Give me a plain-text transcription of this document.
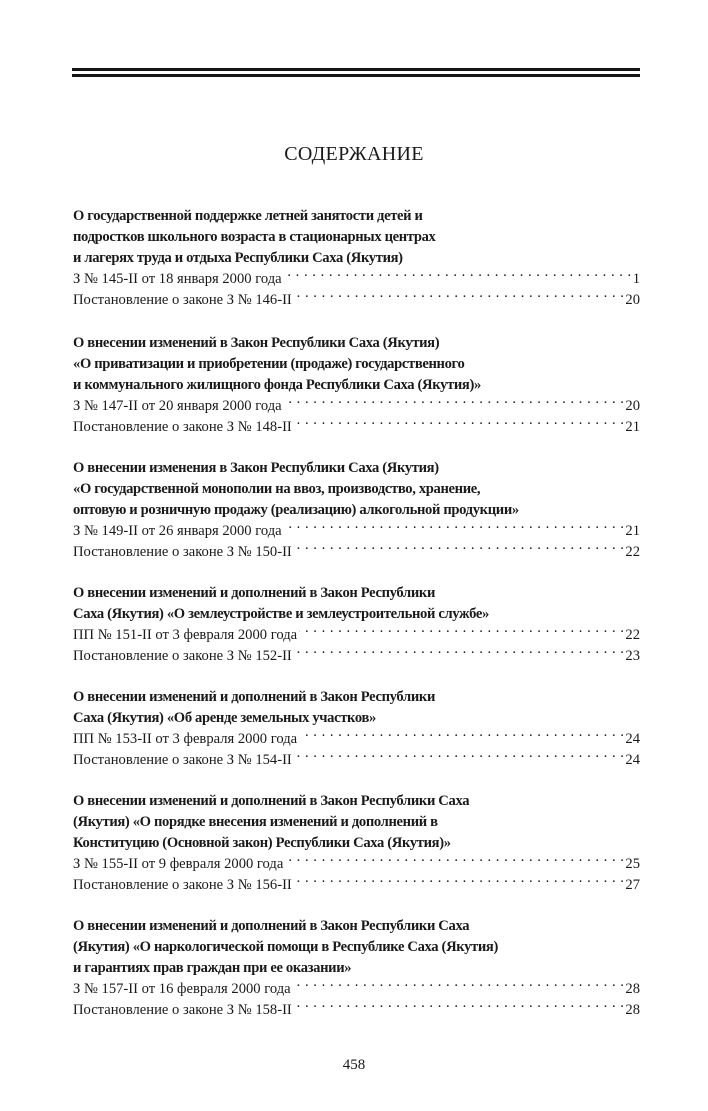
СОДЕРЖАНИЕ
О государственной поддержке летней занятости детей и
подростков школьного возраста в стационарных центрах
и лагерях труда и отдыха Республики Саха (Якутия)
З № 145-II от 18 января 2000 года . . .	1
Постановление о законе З № 146-II . . .	20
О внесении изменений в Закон Республики Саха (Якутия)
«О приватизации и приобретении (продаже) государственного
и коммунального жилищного фонда Республики Саха (Якутия)»
З № 147-II от 20 января 2000 года . . .	20
Постановление о законе З № 148-II . . .	21
О внесении изменения в Закон Республики Саха (Якутия)
«О государственной монополии на ввоз, производство, хранение,
оптовую и розничную продажу (реализацию) алкогольной продукции»
З № 149-II от 26 января 2000 года . . .	21
Постановление о законе З № 150-II . . .	22
О внесении изменений и дополнений в Закон Республики
Саха (Якутия) «О землеустройстве и землеустроительной службе»
ПП № 151-II от 3 февраля 2000 года . . .	22
Постановление о законе З № 152-II . . .	23
О внесении изменений и дополнений в Закон Республики
Саха (Якутия) «Об аренде земельных участков»
ПП № 153-II от 3 февраля 2000 года . . .	24
Постановление о законе З № 154-II . . .	24
О внесении изменений и дополнений в Закон Республики Саха
(Якутия) «О порядке внесения изменений и дополнений в
Конституцию (Основной закон) Республики Саха (Якутия)»
З № 155-II от 9 февраля 2000 года . . .	25
Постановление о законе З № 156-II . . .	27
О внесении изменений и дополнений в Закон Республики Саха
(Якутия) «О наркологической помощи в Республике Саха (Якутия)
и гарантиях прав граждан при ее оказании»
З № 157-II от 16 февраля 2000 года . . .	28
Постановление о законе З № 158-II . . .	28
458
